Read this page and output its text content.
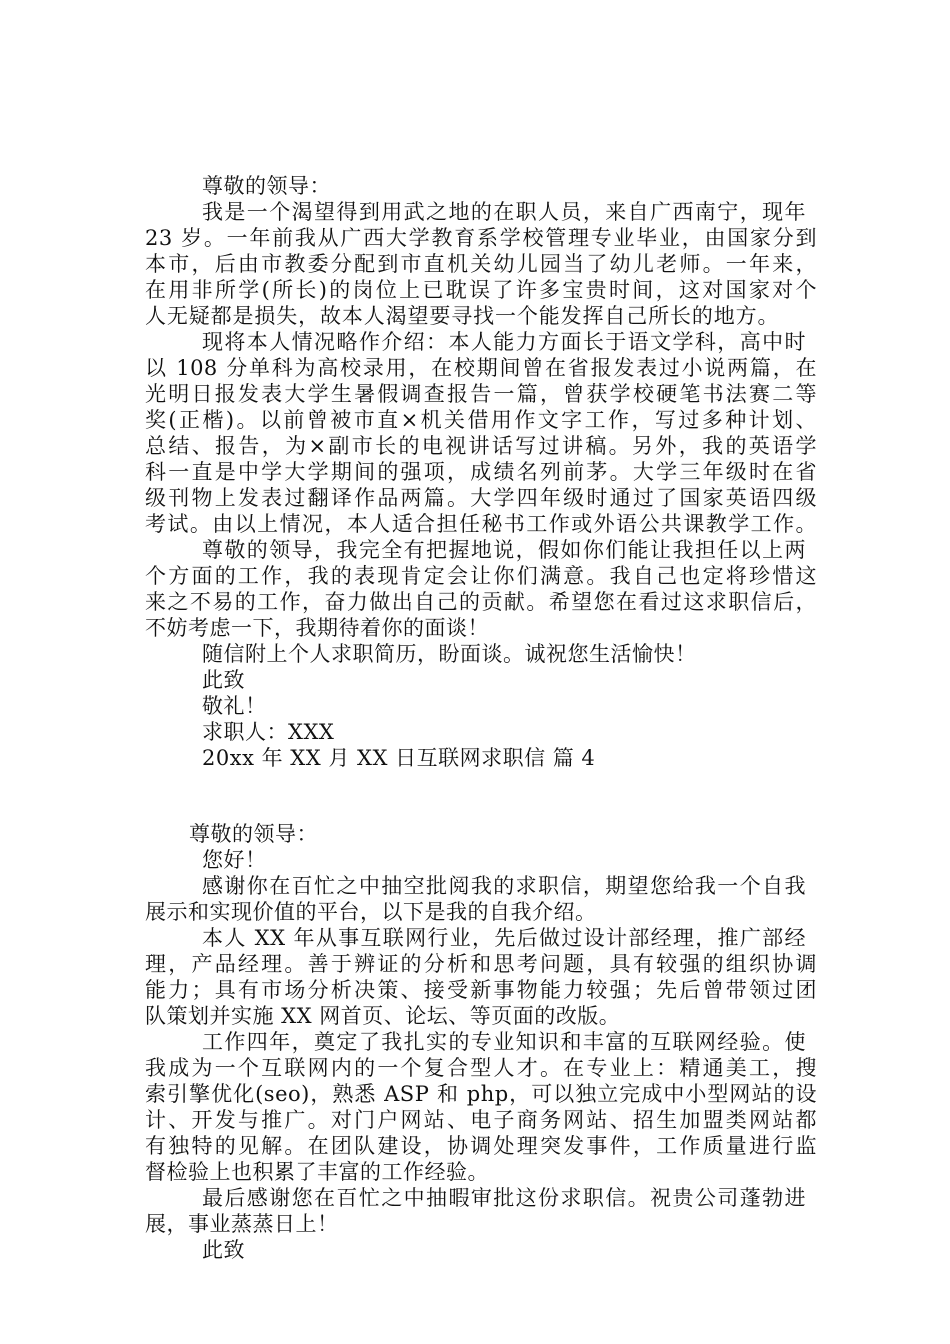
尊敬的领导：
我是一个渴望得到用武之地的在职人员，来自广西南宁，现年
23 岁。一年前我从广西大学教育系学校管理专业毕业，由国家分到
本市，后由市教委分配到市直机关幼儿园当了幼儿老师。一年来，
在用非所学(所长)的岗位上已耽误了许多宝贵时间，这对国家对个
人无疑都是损失，故本人渴望要寻找一个能发挥自己所长的地方。
现将本人情况略作介绍：本人能力方面长于语文学科，高中时
以 108 分单科为高校录用，在校期间曾在省报发表过小说两篇，在
光明日报发表大学生暑假调查报告一篇，曾获学校硬笔书法赛二等
奖(正楷)。以前曾被市直×机关借用作文字工作，写过多种计划、
总结、报告，为×副市长的电视讲话写过讲稿。另外，我的英语学
科一直是中学大学期间的强项，成绩名列前茅。大学三年级时在省
级刊物上发表过翻译作品两篇。大学四年级时通过了国家英语四级
考试。由以上情况，本人适合担任秘书工作或外语公共课教学工作。
尊敬的领导，我完全有把握地说，假如你们能让我担任以上两
个方面的工作，我的表现肯定会让你们满意。我自己也定将珍惜这
来之不易的工作，奋力做出自己的贡献。希望您在看过这求职信后，
不妨考虑一下，我期待着你的面谈！
随信附上个人求职简历，盼面谈。诚祝您生活愉快！
此致
敬礼！
求职人：XXX
20xx 年 XX 月 XX 日互联网求职信 篇 4
尊敬的领导：
您好！
感谢你在百忙之中抽空批阅我的求职信，期望您给我一个自我
展示和实现价值的平台，以下是我的自我介绍。
本人 XX 年从事互联网行业，先后做过设计部经理，推广部经
理，产品经理。善于辨证的分析和思考问题，具有较强的组织协调
能力；具有市场分析决策、接受新事物能力较强；先后曾带领过团
队策划并实施 XX 网首页、论坛、等页面的改版。
工作四年，奠定了我扎实的专业知识和丰富的互联网经验。使
我成为一个互联网内的一个复合型人才。在专业上：精通美工，搜
索引擎优化(seo)，熟悉 ASP 和 php，可以独立完成中小型网站的设
计、开发与推广。对门户网站、电子商务网站、招生加盟类网站都
有独特的见解。在团队建设，协调处理突发事件，工作质量进行监
督检验上也积累了丰富的工作经验。
最后感谢您在百忙之中抽暇审批这份求职信。祝贵公司蓬勃进
展，事业蒸蒸日上！
此致
